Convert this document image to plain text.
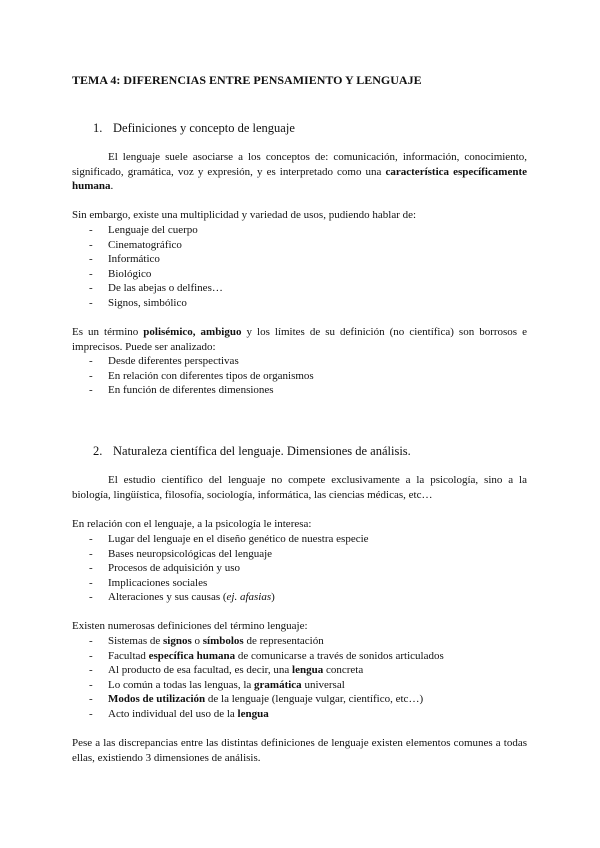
TEMA 4: DIFERENCIAS ENTRE PENSAMIENTO Y LENGUAJE
1. Definiciones y concepto de lenguaje

El lenguaje suele asociarse a los conceptos de: comunicación, información, conocimiento, significado, gramática, voz y expresión, y es interpretado como una característica específicamente humana.

Sin embargo, existe una multiplicidad y variedad de usos, pudiendo hablar de:

- Lenguaje del cuerpo
- Cinematográfico
- Informático
- Biológico
- De las abejas o delfines…
- Signos, simbólico

Es un término polisémico, ambiguo y los límites de su definición (no científica) son borrosos e imprecisos. Puede ser analizado:

- Desde diferentes perspectivas
- En relación con diferentes tipos de organismos
- En función de diferentes dimensiones
2. Naturaleza científica del lenguaje. Dimensiones de análisis.

El estudio científico del lenguaje no compete exclusivamente a la psicología, sino a la biología, lingüística, filosofía, sociología, informática, las ciencias médicas, etc…

En relación con el lenguaje, a la psicología le interesa:

- Lugar del lenguaje en el diseño genético de nuestra especie
- Bases neuropsicológicas del lenguaje
- Procesos de adquisición y uso
- Implicaciones sociales
- Alteraciones y sus causas (ej. afasias)

Existen numerosas definiciones del término lenguaje:

- Sistemas de signos o símbolos de representación
- Facultad específica humana de comunicarse a través de sonidos articulados
- Al producto de esa facultad, es decir, una lengua concreta
- Lo común a todas las lenguas, la gramática universal
- Modos de utilización de la lenguaje (lenguaje vulgar, científico, etc…)
- Acto individual del uso de la lengua

Pese a las discrepancias entre las distintas definiciones de lenguaje existen elementos comunes a todas ellas, existiendo 3 dimensiones de análisis.
